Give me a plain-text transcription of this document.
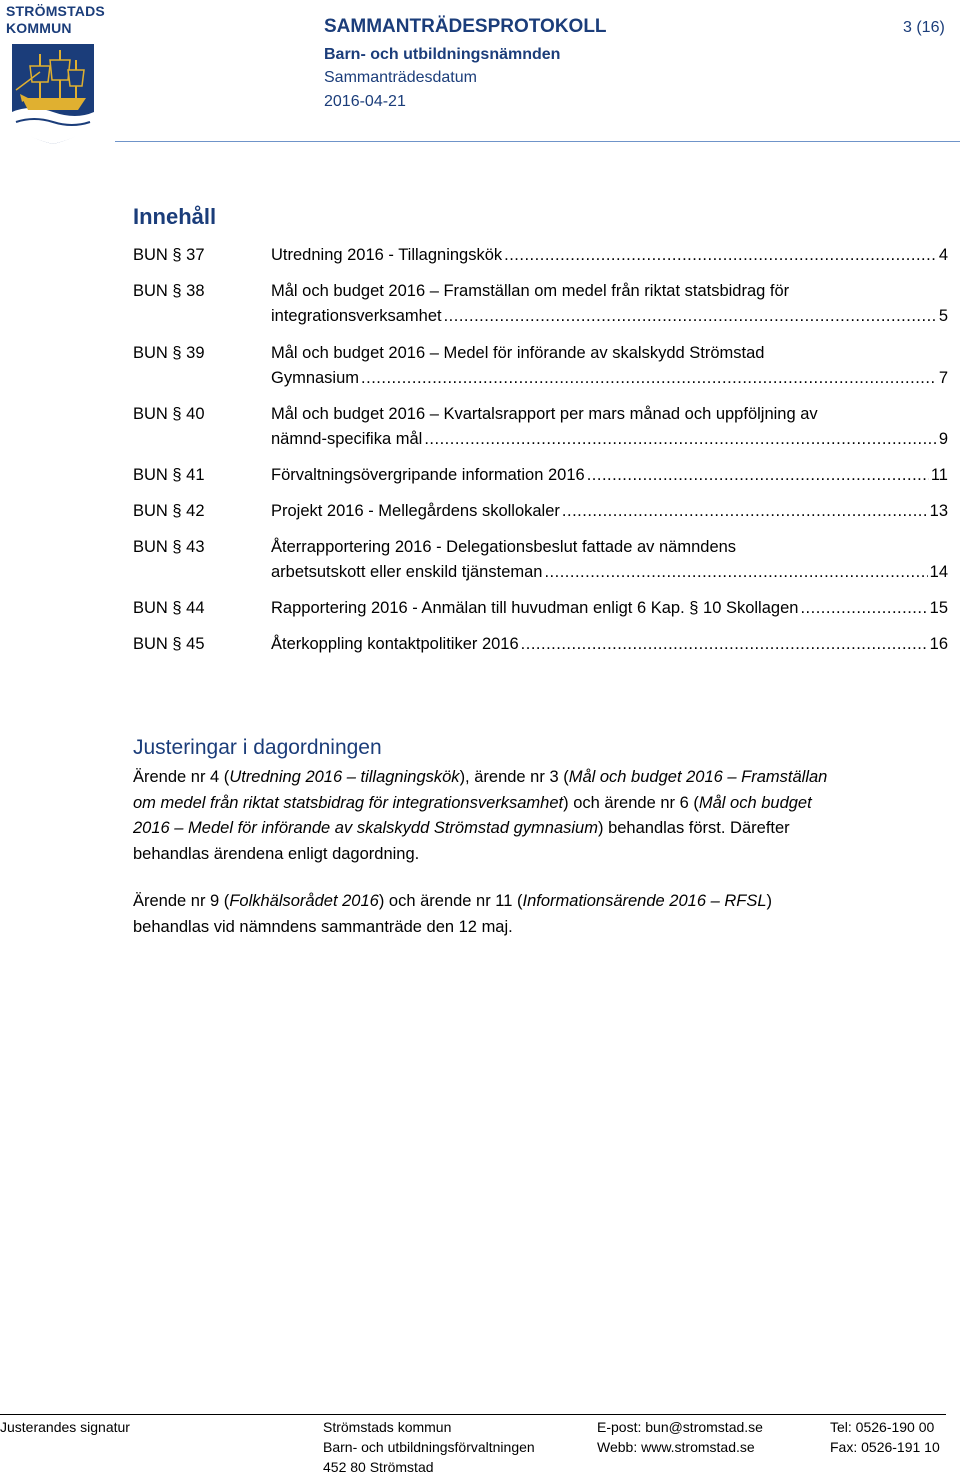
STRÖMSTADS
KOMMUN	SAMMANTRÄDESPROTOKOLL	3 (16)
Barn- och utbildningsnämnden
Sammanträdesdatum
2016-04-21
Innehåll
BUN § 37	Utredning 2016 - Tillagningskök .....	4
BUN § 38	Mål och budget 2016 – Framställan om medel från riktat statsbidrag för
integrationsverksamhet .....	5
BUN § 39	Mål och budget 2016 – Medel för införande av skalskydd Strömstad
Gymnasium .....	7
BUN § 40	Mål och budget 2016 – Kvartalsrapport per mars månad och uppföljning av
nämnd-specifika mål .....	9
BUN § 41	Förvaltningsövergripande information 2016 .....	11
BUN § 42	Projekt 2016 - Mellegårdens skollokaler .....	13
BUN § 43	Återrapportering 2016 - Delegationsbeslut fattade av nämndens
arbetsutskott eller enskild tjänsteman .....	14
BUN § 44	Rapportering 2016 - Anmälan till huvudman enligt 6 Kap. § 10 Skollagen .....	15
BUN § 45	Återkoppling kontaktpolitiker 2016 .....	16
Justeringar i dagordningen
Ärende nr 4 (Utredning 2016 – tillagningskök), ärende nr 3 (Mål och budget 2016 – Framställan om medel från riktat statsbidrag för integrationsverksamhet) och ärende nr 6 (Mål och budget 2016 – Medel för införande av skalskydd Strömstad gymnasium) behandlas först. Därefter behandlas ärendena enligt dagordning.
Ärende nr 9 (Folkhälsorådet 2016) och ärende nr 11 (Informationsärende 2016 – RFSL) behandlas vid nämndens sammanträde den 12 maj.
Justerandes signatur	Strömstads kommun
Barn- och utbildningsförvaltningen
452 80 Strömstad
E-post: bun@stromstad.se
Webb: www.stromstad.se
Tel: 0526-190 00
Fax: 0526-191 10
